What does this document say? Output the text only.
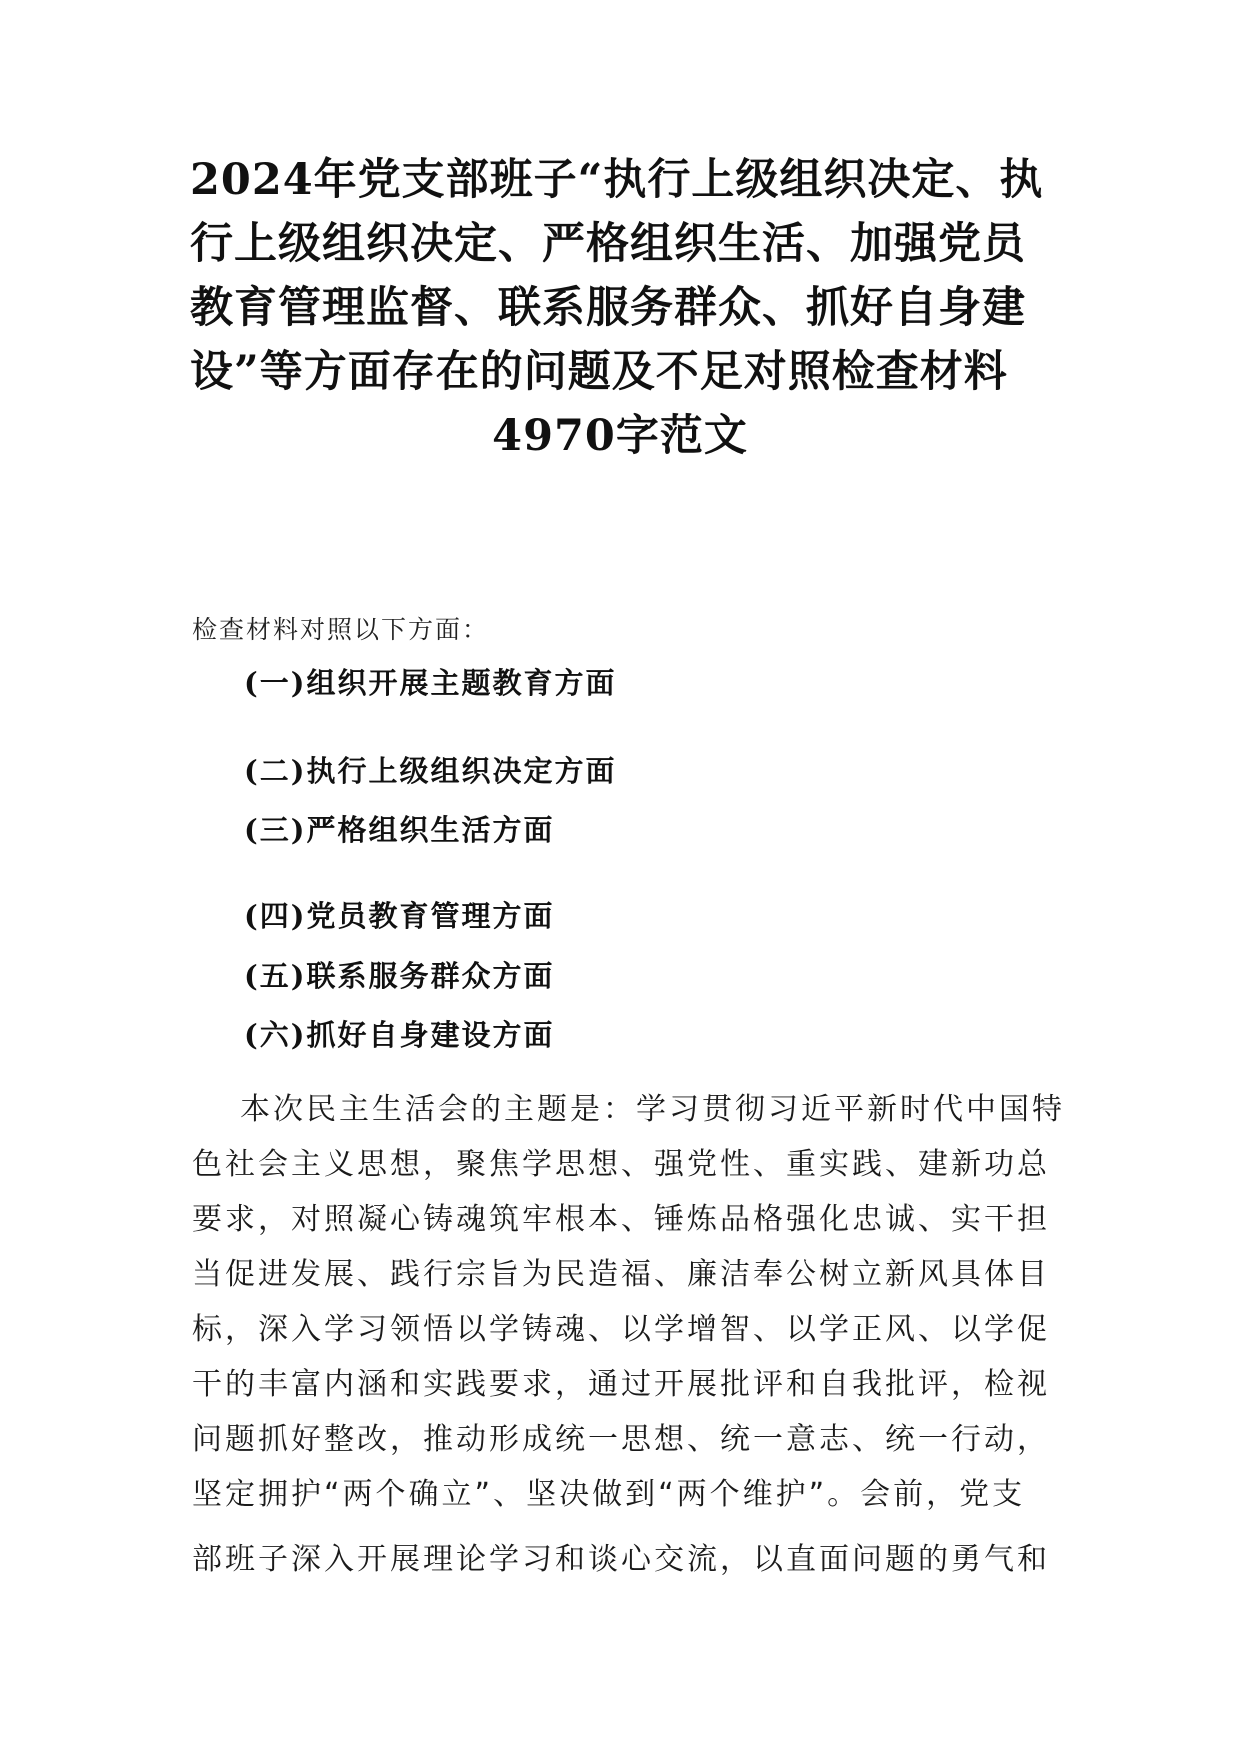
2024年党支部班子“执行上级组织决定、执
行上级组织决定、严格组织生活、加强党员
教育管理监督、联系服务群众、抓好自身建
设”等方面存在的问题及不足对照检查材料
4970字范文
检查材料对照以下方面：
(一)组织开展主题教育方面
(二)执行上级组织决定方面
(三)严格组织生活方面
(四)党员教育管理方面
(五)联系服务群众方面
(六)抓好自身建设方面
本次民主生活会的主题是：学习贯彻习近平新时代中国特
色社会主义思想，聚焦学思想、强党性、重实践、建新功总
要求，对照凝心铸魂筑牢根本、锤炼品格强化忠诚、实干担
当促进发展、践行宗旨为民造福、廉洁奉公树立新风具体目
标，深入学习领悟以学铸魂、以学增智、以学正风、以学促
干的丰富内涵和实践要求，通过开展批评和自我批评，检视
问题抓好整改，推动形成统一思想、统一意志、统一行动，
坚定拥护“两个确立”、坚决做到“两个维护”。会前，党支
部班子深入开展理论学习和谈心交流，以直面问题的勇气和
